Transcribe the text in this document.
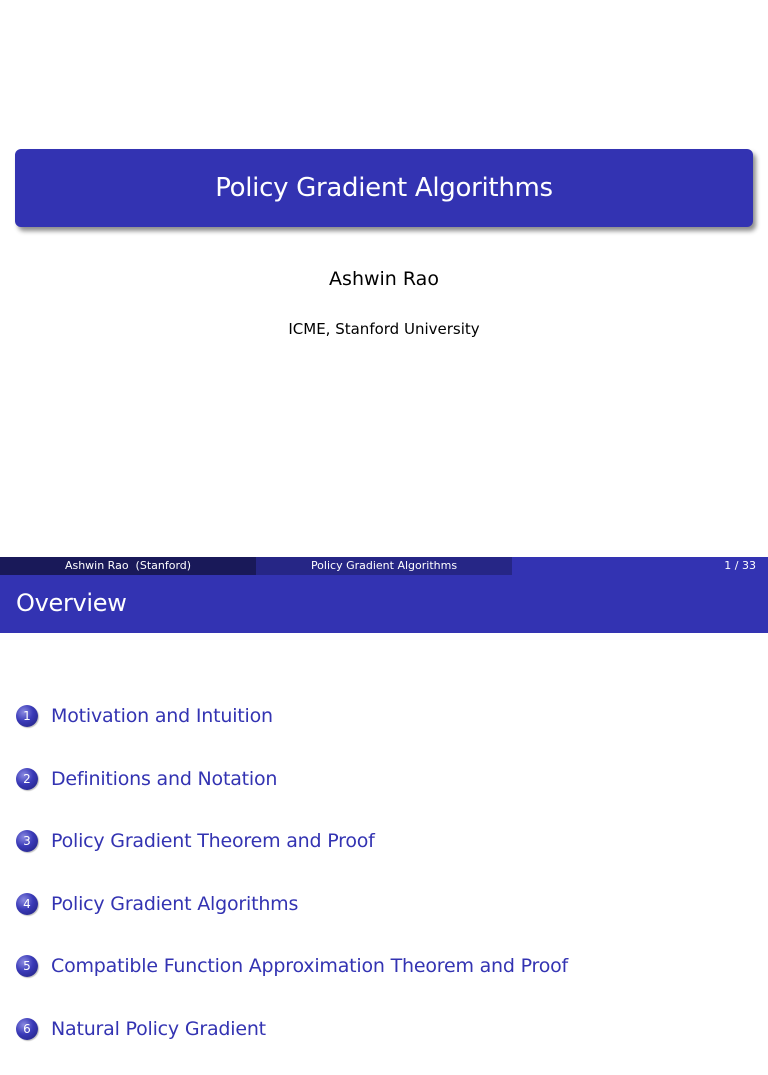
Policy Gradient Algorithms
Ashwin Rao
ICME, Stanford University
Ashwin Rao  (Stanford)	Policy Gradient Algorithms	1 / 33
Overview
1	Motivation and Intuition
2	Definitions and Notation
3	Policy Gradient Theorem and Proof
4	Policy Gradient Algorithms
5	Compatible Function Approximation Theorem and Proof
6	Natural Policy Gradient
